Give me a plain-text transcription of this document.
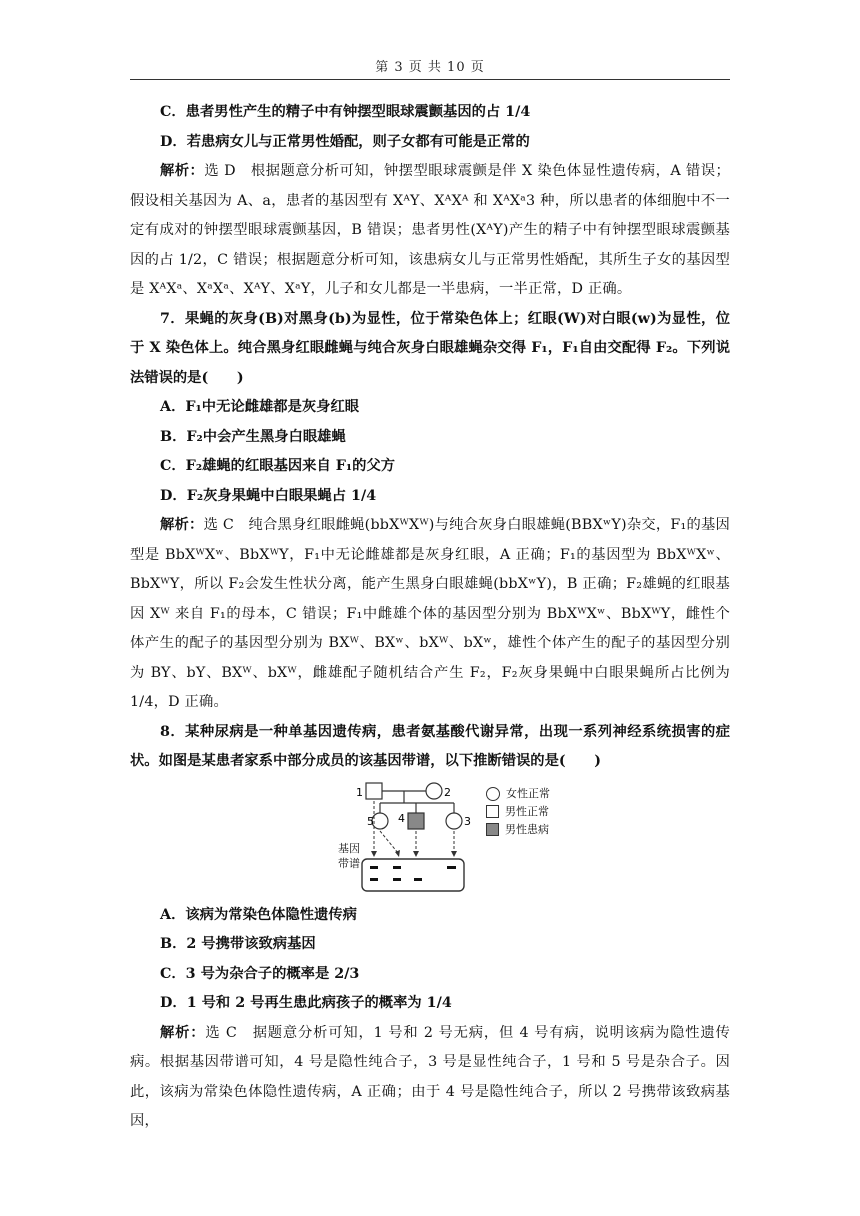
第 3 页 共 10 页

C．患者男性产生的精子中有钟摆型眼球震颤基因的占 1/4

D．若患病女儿与正常男性婚配，则子女都有可能是正常的

解析：选 D　根据题意分析可知，钟摆型眼球震颤是伴 X 染色体显性遗传病，A 错误；假设相关基因为 A、a，患者的基因型有 XᴬY、XᴬXᴬ 和 XᴬXᵃ3 种，所以患者的体细胞中不一定有成对的钟摆型眼球震颤基因，B 错误；患者男性(XᴬY)产生的精子中有钟摆型眼球震颤基因的占 1/2，C 错误；根据题意分析可知，该患病女儿与正常男性婚配，其所生子女的基因型是 XᴬXᵃ、XᵃXᵃ、XᴬY、XᵃY，儿子和女儿都是一半患病，一半正常，D 正确。

7．果蝇的灰身(B)对黑身(b)为显性，位于常染色体上；红眼(W)对白眼(w)为显性，位于 X 染色体上。纯合黑身红眼雌蝇与纯合灰身白眼雄蝇杂交得 F₁，F₁自由交配得 F₂。下列说法错误的是(　　)

A．F₁中无论雌雄都是灰身红眼

B．F₂中会产生黑身白眼雄蝇

C．F₂雄蝇的红眼基因来自 F₁的父方

D．F₂灰身果蝇中白眼果蝇占 1/4

解析：选 C　纯合黑身红眼雌蝇(bbXᵂXᵂ)与纯合灰身白眼雄蝇(BBXʷY)杂交，F₁的基因型是 BbXᵂXʷ、BbXᵂY，F₁中无论雌雄都是灰身红眼，A 正确；F₁的基因型为 BbXᵂXʷ、BbXᵂY，所以 F₂会发生性状分离，能产生黑身白眼雄蝇(bbXʷY)，B 正确；F₂雄蝇的红眼基因 Xᵂ 来自 F₁的母本，C 错误；F₁中雌雄个体的基因型分别为 BbXᵂXʷ、BbXᵂY，雌性个体产生的配子的基因型分别为 BXᵂ、BXʷ、bXᵂ、bXʷ，雄性个体产生的配子的基因型分别为 BY、bY、BXᵂ、bXᵂ，雌雄配子随机结合产生 F₂，F₂灰身果蝇中白眼果蝇所占比例为 1/4，D 正确。

8．某种尿病是一种单基因遗传病，患者氨基酸代谢异常，出现一系列神经系统损害的症状。如图是某患者家系中部分成员的该基因带谱，以下推断错误的是(　　)

1	2
5 4	3
基因
带谱
女性正常
男性正常
男性患病

A．该病为常染色体隐性遗传病

B．2 号携带该致病基因

C．3 号为杂合子的概率是 2/3

D．1 号和 2 号再生患此病孩子的概率为 1/4

解析：选 C　据题意分析可知，1 号和 2 号无病，但 4 号有病，说明该病为隐性遗传病。根据基因带谱可知，4 号是隐性纯合子，3 号是显性纯合子，1 号和 5 号是杂合子。因此，该病为常染色体隐性遗传病，A 正确；由于 4 号是隐性纯合子，所以 2 号携带该致病基因，
